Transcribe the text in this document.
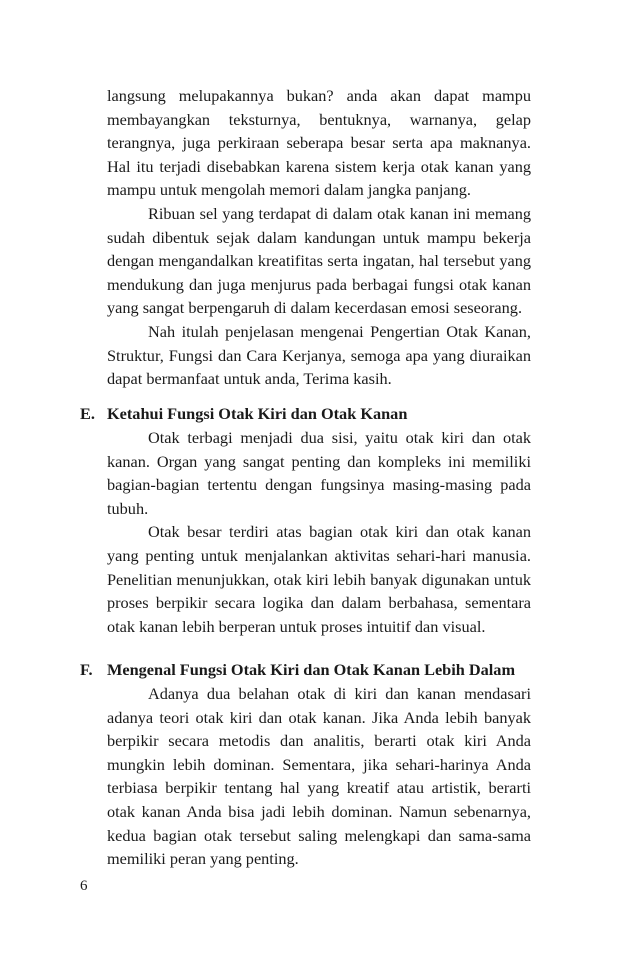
langsung melupakannya bukan? anda akan dapat mampu membayangkan teksturnya, bentuknya, warnanya, gelap terangnya, juga perkiraan seberapa besar serta apa maknanya. Hal itu terjadi disebabkan karena sistem kerja otak kanan yang mampu untuk mengolah memori dalam jangka panjang.

Ribuan sel yang terdapat di dalam otak kanan ini memang sudah dibentuk sejak dalam kandungan untuk mampu bekerja dengan mengandalkan kreatifitas serta ingatan, hal tersebut yang mendukung dan juga menjurus pada berbagai fungsi otak kanan yang sangat berpengaruh di dalam kecerdasan emosi seseorang.

Nah itulah penjelasan mengenai Pengertian Otak Kanan, Struktur, Fungsi dan Cara Kerjanya, semoga apa yang diuraikan dapat bermanfaat untuk anda, Terima kasih.

E. Ketahui Fungsi Otak Kiri dan Otak Kanan

Otak terbagi menjadi dua sisi, yaitu otak kiri dan otak kanan. Organ yang sangat penting dan kompleks ini memiliki bagian-bagian tertentu dengan fungsinya masing-masing pada tubuh.

Otak besar terdiri atas bagian otak kiri dan otak kanan yang penting untuk menjalankan aktivitas sehari-hari manusia. Penelitian menunjukkan, otak kiri lebih banyak digunakan untuk proses berpikir secara logika dan dalam berbahasa, sementara otak kanan lebih berperan untuk proses intuitif dan visual.

F. Mengenal Fungsi Otak Kiri dan Otak Kanan Lebih Dalam

Adanya dua belahan otak di kiri dan kanan mendasari adanya teori otak kiri dan otak kanan. Jika Anda lebih banyak berpikir secara metodis dan analitis, berarti otak kiri Anda mungkin lebih dominan. Sementara, jika sehari-harinya Anda terbiasa berpikir tentang hal yang kreatif atau artistik, berarti otak kanan Anda bisa jadi lebih dominan. Namun sebenarnya, kedua bagian otak tersebut saling melengkapi dan sama-sama memiliki peran yang penting.

6
